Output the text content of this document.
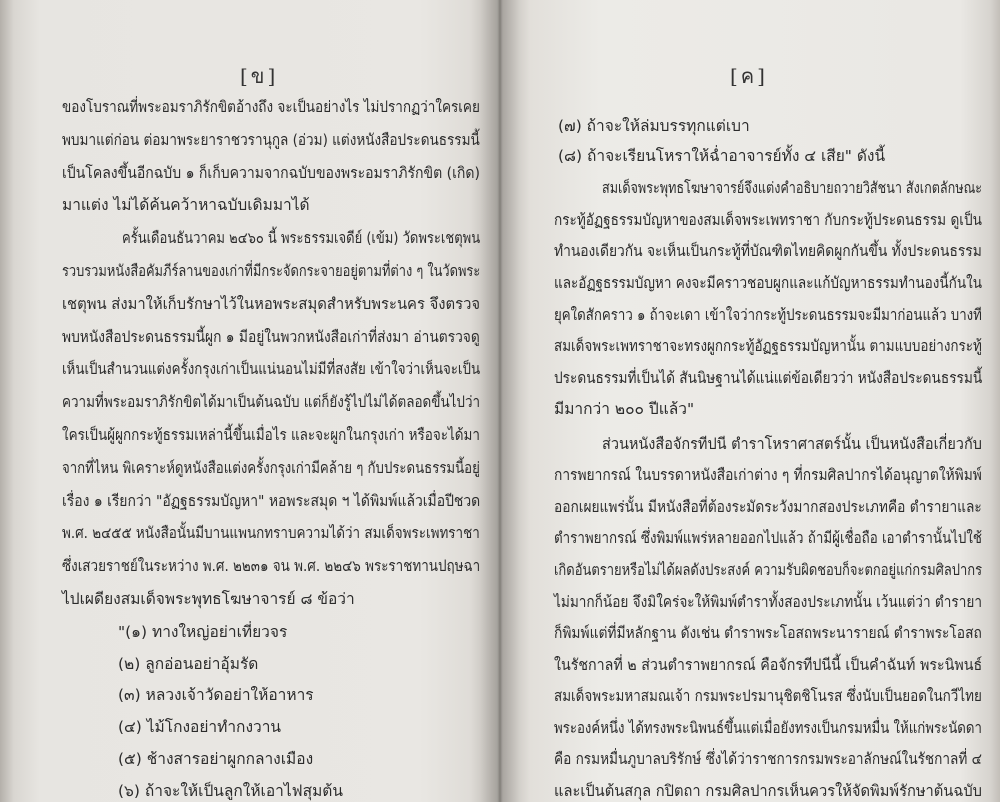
[ข]
ของโบราณที่พระอมราภิรักขิตอ้างถึง จะเป็นอย่างไร ไม่ปรากฏว่าใครเคย
พบมาแต่ก่อน ต่อมาพระยาราชวรานุกูล (อ่วม) แต่งหนังสือประดนธรรมนี้
เป็นโคลงขึ้นอีกฉบับ ๑ ก็เก็บความจากฉบับของพระอมราภิรักขิต (เกิด)
มาแต่ง ไม่ได้ค้นคว้าหาฉบับเดิมมาได้
ครั้นเดือนธันวาคม ๒๔๖๐ นี้ พระธรรมเจดีย์ (เข้ม) วัดพระเชตุพน
รวบรวมหนังสือคัมภีร์ลานของเก่าที่มีกระจัดกระจายอยู่ตามที่ต่าง ๆ ในวัดพระ
เชตุพน ส่งมาให้เก็บรักษาไว้ในหอพระสมุดสำหรับพระนคร จึงตรวจ
พบหนังสือประดนธรรมนี้ผูก ๑ มีอยู่ในพวกหนังสือเก่าที่ส่งมา อ่านตรวจดู
เห็นเป็นสำนวนแต่งครั้งกรุงเก่าเป็นแน่นอนไม่มีที่สงสัย เข้าใจว่าเห็นจะเป็น
ความที่พระอมราภิรักขิตได้มาเป็นต้นฉบับ แต่ก็ยังรู้ไปไม่ได้ตลอดขึ้นไปว่า
ใครเป็นผู้ผูกกระทู้ธรรมเหล่านี้ขึ้นเมื่อไร และจะผูกในกรุงเก่า หรือจะได้มา
จากที่ไหน พิเคราะห์ดูหนังสือแต่งครั้งกรุงเก่ามีคล้าย ๆ กับประดนธรรมนี้อยู่
เรื่อง ๑ เรียกว่า "อัฏฐธรรมบัญหา" หอพระสมุด ฯ ได้พิมพ์แล้วเมื่อปีชวด
พ.ศ. ๒๔๕๕ หนังสือนั้นมีบานแพนกทราบความได้ว่า สมเด็จพระเพทราชา
ซึ่งเสวยราชย์ในระหว่าง พ.ศ. ๒๒๓๑ จน พ.ศ. ๒๒๔๖ พระราชทานปฤษฉา
ไปเผดียงสมเด็จพระพุทธโฆษาจารย์ ๘ ข้อว่า
"(๑) ทางใหญ่อย่าเที่ยวจร
(๒) ลูกอ่อนอย่าอุ้มรัด
(๓) หลวงเจ้าวัดอย่าให้อาหาร
(๔) ไม้โกงอย่าทำกงวาน
(๕) ช้างสารอย่าผูกกลางเมือง
(๖) ถ้าจะให้เป็นลูกให้เอาไฟสุมต้น
[ค]
(๗) ถ้าจะให้ล่มบรรทุกแต่เบา
(๘) ถ้าจะเรียนโหราให้ฉ่ำอาจารย์ทั้ง ๔ เสีย" ดังนี้
สมเด็จพระพุทธโฆษาจารย์จึงแต่งคำอธิบายถวายวิสัชนา สังเกตลักษณะ
กระทู้อัฏฐธรรมบัญหาของสมเด็จพระเพทราชา กับกระทู้ประดนธรรม ดูเป็น
ทำนองเดียวกัน จะเห็นเป็นกระทู้ที่บัณฑิตไทยคิดผูกกันขึ้น ทั้งประดนธรรม
และอัฏฐธรรมบัญหา คงจะมีคราวชอบผูกและแก้บัญหาธรรมทำนองนี้กันใน
ยุคใดสักคราว ๑ ถ้าจะเดา เข้าใจว่ากระทู้ประดนธรรมจะมีมาก่อนแล้ว บางที
สมเด็จพระเพทราชาจะทรงผูกกระทู้อัฏฐธรรมบัญหานั้น ตามแบบอย่างกระทู้
ประดนธรรมที่เป็นได้ สันนิษฐานได้แน่แต่ข้อเดียวว่า หนังสือประดนธรรมนี้
มีมากว่า ๒๐๐ ปีแล้ว"
ส่วนหนังสือจักรทีปนี ตำราโหราศาสตร์นั้น เป็นหนังสือเกี่ยวกับ
การพยากรณ์ ในบรรดาหนังสือเก่าต่าง ๆ ที่กรมศิลปากรได้อนุญาตให้พิมพ์
ออกเผยแพร่นั้น มีหนังสือที่ต้องระมัดระวังมากสองประเภทคือ ตำรายาและ
ตำราพยากรณ์ ซึ่งพิมพ์แพร่หลายออกไปแล้ว ถ้ามีผู้เชื่อถือ เอาตำรานั้นไปใช้
เกิดอันตรายหรือไม่ได้ผลดังประสงค์ ความรับผิดชอบก็จะตกอยู่แก่กรมศิลปากร
ไม่มากก็น้อย จึงมิใคร่จะให้พิมพ์ตำราทั้งสองประเภทนั้น เว้นแต่ว่า ตำรายา
ก็พิมพ์แต่ที่มีหลักฐาน ดังเช่น ตำราพระโอสถพระนารายณ์ ตำราพระโอสถ
ในรัชกาลที่ ๒ ส่วนตำราพยากรณ์ คือจักรทีปนีนี้ เป็นคำฉันท์ พระนิพนธ์
สมเด็จพระมหาสมณเจ้า กรมพระปรมานุชิตชิโนรส ซึ่งนับเป็นยอดในกวีไทย
พระองค์หนึ่ง ได้ทรงพระนิพนธ์ขึ้นแต่เมื่อยังทรงเป็นกรมหมื่น ให้แก่พระนัดดา
คือ กรมหมื่นภูบาลบริรักษ์ ซึ่งได้ว่าราชการกรมพระอาลักษณ์ในรัชกาลที่ ๔
และเป็นต้นสกุล กปิตถา กรมศิลปากรเห็นควรให้จัดพิมพ์รักษาต้นฉบับ
